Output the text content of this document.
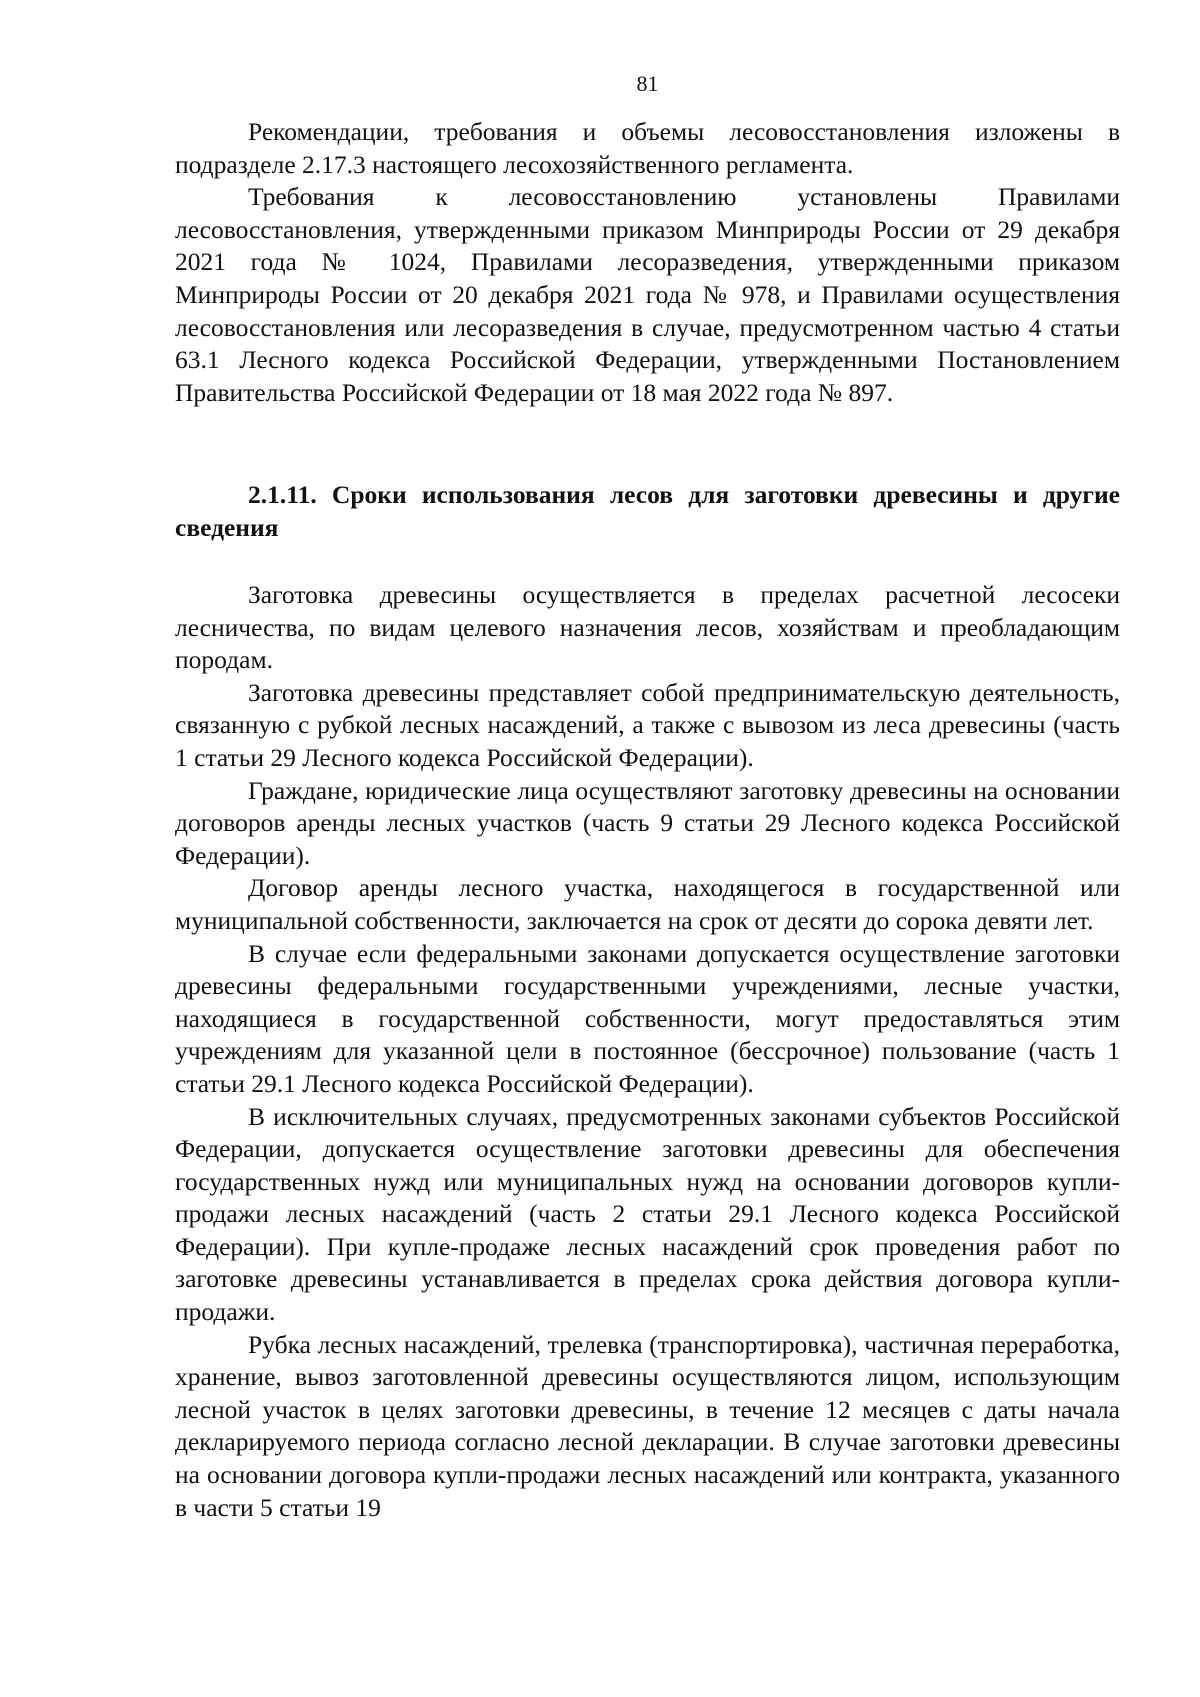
81

Рекомендации, требования и объемы лесовосстановления изложены в подразделе 2.17.3 настоящего лесохозяйственного регламента.

Требования к лесовосстановлению установлены Правилами лесовосстановления, утвержденными приказом Минприроды России от 29 декабря 2021 года № 1024, Правилами лесоразведения, утвержденными приказом Минприроды России от 20 декабря 2021 года № 978, и Правилами осуществления лесовосстановления или лесоразведения в случае, предусмотренном частью 4 статьи 63.1 Лесного кодекса Российской Федерации, утвержденными Постановлением Правительства Российской Федерации от 18 мая 2022 года № 897.

2.1.11. Сроки использования лесов для заготовки древесины и другие сведения

Заготовка древесины осуществляется в пределах расчетной лесосеки лесничества, по видам целевого назначения лесов, хозяйствам и преобладающим породам.

Заготовка древесины представляет собой предпринимательскую деятельность, связанную с рубкой лесных насаждений, а также с вывозом из леса древесины (часть 1 статьи 29 Лесного кодекса Российской Федерации).

Граждане, юридические лица осуществляют заготовку древесины на основании договоров аренды лесных участков (часть 9 статьи 29 Лесного кодекса Российской Федерации).

Договор аренды лесного участка, находящегося в государственной или муниципальной собственности, заключается на срок от десяти до сорока девяти лет.

В случае если федеральными законами допускается осуществление заготовки древесины федеральными государственными учреждениями, лесные участки, находящиеся в государственной собственности, могут предоставляться этим учреждениям для указанной цели в постоянное (бессрочное) пользование (часть 1 статьи 29.1 Лесного кодекса Российской Федерации).

В исключительных случаях, предусмотренных законами субъектов Российской Федерации, допускается осуществление заготовки древесины для обеспечения государственных нужд или муниципальных нужд на основании договоров купли-продажи лесных насаждений (часть 2 статьи 29.1 Лесного кодекса Российской Федерации). При купле-продаже лесных насаждений срок проведения работ по заготовке древесины устанавливается в пределах срока действия договора купли-продажи.

Рубка лесных насаждений, трелевка (транспортировка), частичная переработка, хранение, вывоз заготовленной древесины осуществляются лицом, использующим лесной участок в целях заготовки древесины, в течение 12 месяцев с даты начала декларируемого периода согласно лесной декларации. В случае заготовки древесины на основании договора купли-продажи лесных насаждений или контракта, указанного в части 5 статьи 19
